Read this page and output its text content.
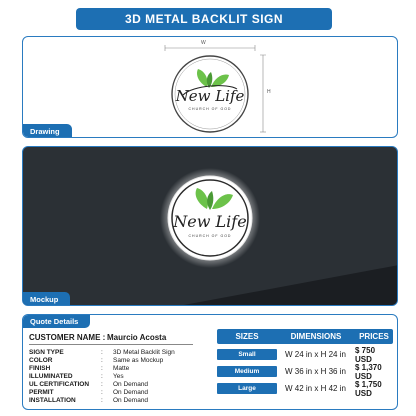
3D METAL BACKLIT SIGN
W
H
New Life
CHURCH OF GOD
Drawing
New Life
CHURCH OF GOD
Mockup
Quote Details
CUSTOMER NAME : Maurcio Acosta
SIGN TYPE	:	3D Metal Backlit Sign
COLOR	:	Same as Mockup
FINISH	:	Matte
ILLUMINATED	:	Yes
UL CERTIFICATION	:	On Demand
PERMIT	:	On Demand
INSTALLATION	:	On Demand
SIZES	DIMENSIONS	PRICES
Small	W 24 in x H 24 in	$ 750 USD
Medium	W 36 in x H 36 in	$ 1,370 USD
Large	W 42 in x H 42 in	$ 1,750 USD
